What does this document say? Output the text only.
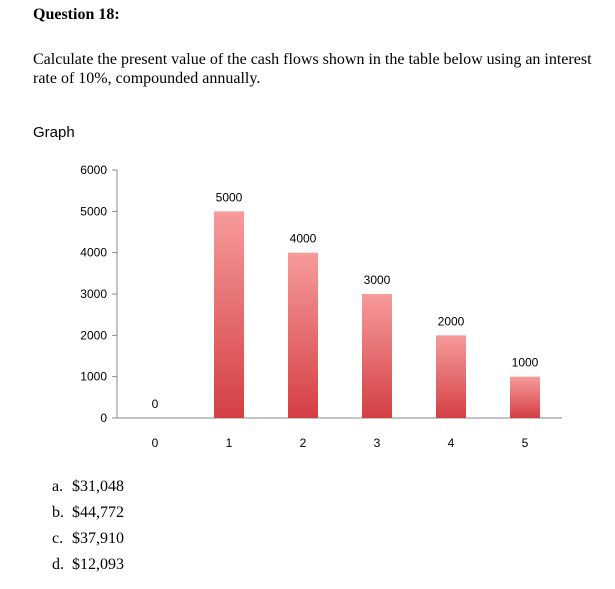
Question 18:
Calculate the present value of the cash flows shown in the table below using an interest rate of 10%, compounded annually.
Graph
0
1000
2000
3000
4000
5000
6000
0
0
5000
1
4000
2
3000
3
2000
4
1000
5
a. $31,048
b. $44,772
c. $37,910
d. $12,093
